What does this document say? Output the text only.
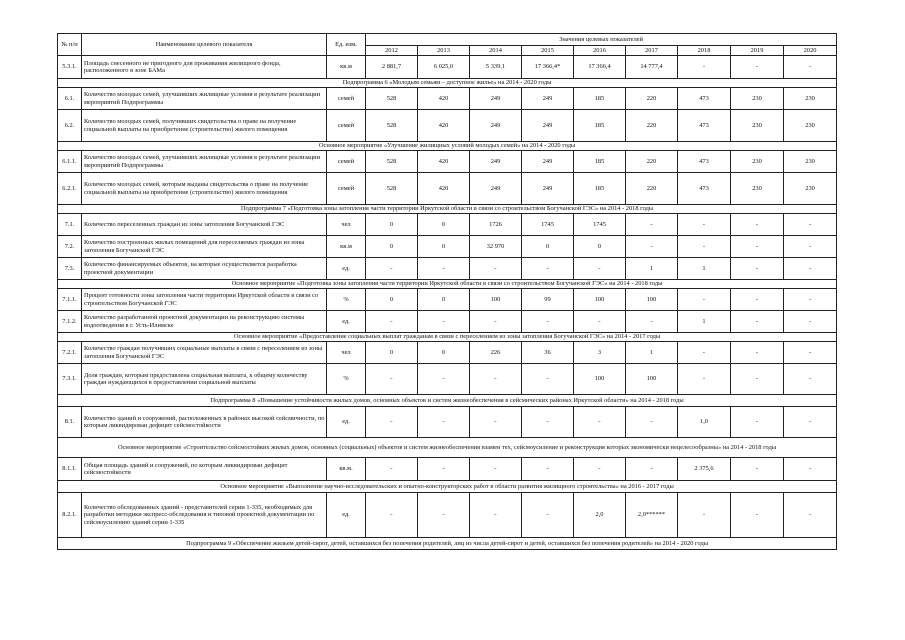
№ п/п	Наименование целевого показателя	Ед. изм.	Значения целевых показателей								
			2012	2013	2014	2015	2016	2017	2018	2019	2020
5.3.1.	Площадь снесенного не пригодного для проживания жилищного фонда, расположенного в зоне БАМа	кв.м	2 881,7	6 025,0	5 339,1	17 366,4*	17 366,4	14 777,4	-	-	-
Подпрограмма 6 «Молодым семьям – доступное жилье» на 2014 - 2020 годы											
6.1.	Количество молодых семей, улучшивших жилищные условия в результате реализации мероприятий Подпрограммы	семей	528	420	249	249	185	220	473	230	230
6.2.	Количество молодых семей, получивших свидетельства о праве на получение социальной выплаты на приобретение (строительство) жилого помещения	семей	528	420	249	249	185	220	473	230	230
Основное мероприятие «Улучшение жилищных условий молодых семей» на 2014 - 2020 годы											
6.1.1.	Количество молодых семей, улучшивших жилищные условия в результате реализации мероприятий Подпрограммы	семей	528	420	249	249	185	220	473	230	230
6.2.1.	Количество молодых семей, которым выданы свидетельства о праве на получение социальной выплаты на приобретение (строительство) жилого помещения	семей	528	420	249	249	185	220	473	230	230
Подпрограмма 7 «Подготовка зоны затопления части территории Иркутской области в связи со строительством Богучанской ГЭС» на 2014 - 2018 годы											
7.1.	Количество переселенных граждан из зоны затопления Богучанской ГЭС	чел	0	0	1726	1745	1745	-	-	-	-
7.2.	Количество построенных жилых помещений для переселяемых граждан из зоны затопления Богучанской ГЭС	кв.м	0	0	32 970	0	0	-	-	-	-
7.3.	Количество финансируемых объектов, на которые осуществляется разработка проектной документации	ед.	-	-	-	-	-	1	1	-	-
Основное мероприятие «Подготовка зоны затопления части территории Иркутской области в связи со строительством Богучанской ГЭС» на 2014 - 2018 годы											
7.1.1.	Процент готовности зоны затопления части территории Иркутской области в связи со строительством Богучанской ГЭС	%	0	0	100	99	100	100	-	-	-
7.1.2.	Количество разработанной проектной документации на реконструкцию системы водоотведения в г. Усть-Илимске	ед.	-	-	-	-	-	-	1	-	-
Основное мероприятие «Предоставление социальных выплат гражданам в связи с переселением из зоны затопления Богучанской ГЭС» на 2014 - 2017 годы											
7.2.1.	Количество граждан получивших социальные выплаты в связи с переселением из зоны затопления Богучанской ГЭС	чел	0	0	226	36	3	1	-	-	-
7.3.1.	Доля граждан, которым предоставлена социальная выплата, к общему количеству граждан нуждающихся в предоставлении социальной выплаты	%	-	-	-	-	100	100	-	-	-
Подпрограмма 8 «Повышение устойчивости жилых домов, основных объектов и систем жизнеобеспечения в сейсмических районах Иркутской области» на 2014 - 2018 годы											
8.1.	Количество зданий и сооружений, расположенных в районах высокой сейсмичности, по которым ликвидирован дефицит сейсмостойкости	ед.	-	-	-	-	-	-	1,0	-	-
Основное мероприятие «Строительство сейсмостойких жилых домов, основных (социальных) объектов и систем жизнеобеспечения взамен тех, сейсмоусиление и реконструкция которых экономически нецелесообразны» на 2014 - 2018 годы											
8.1.1.	Общая площадь зданий и сооружений, по которым ликвидирован дефицит сейсмостойкости	кв.м.	-	-	-	-	-	-	2 375,6	-	-
Основное мероприятие «Выполнение научно-исследовательских и опытно-конструкторских работ в области развития жилищного строительства» на 2016 - 2017 годы											
8.2.1.	Количество обследованных зданий - представителей серии 1-335, необходимых для разработки методики экспресс-обследования и типовой проектной документации по сейсмоусилению зданий серии 1-335	ед.	-	-	-	-	2,0	2,0******	-	-	-
Подпрограмма 9 «Обеспечение жильем детей-сирот, детей, оставшихся без попечения родителей, лиц из числа детей-сирот и детей, оставшихся без попечения родителей» на 2014 - 2020 годы											
